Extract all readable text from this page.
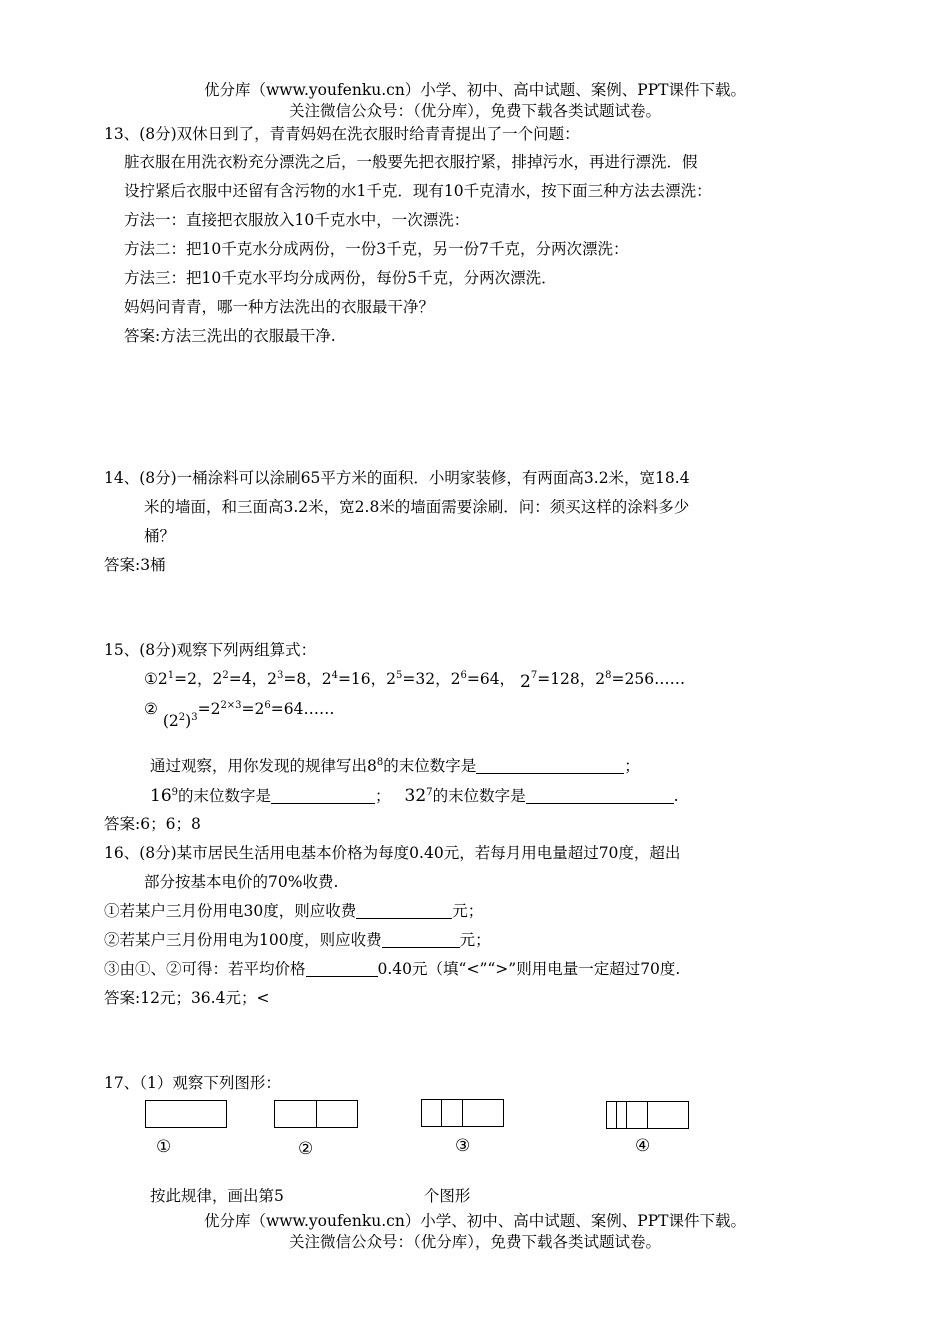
优分库（www.youfenku.cn）小学、初中、高中试题、案例、PPT课件下载。
关注微信公众号：（优分库），免费下载各类试题试卷。
13、(8分)双休日到了，青青妈妈在洗衣服时给青青提出了一个问题：
脏衣服在用洗衣粉充分漂洗之后，一般要先把衣服拧紧，排掉污水，再进行漂洗．假
设拧紧后衣服中还留有含污物的水1千克．现有10千克清水，按下面三种方法去漂洗：
方法一：直接把衣服放入10千克水中，一次漂洗：
方法二：把10千克水分成两份，一份3千克，另一份7千克，分两次漂洗：
方法三：把10千克水平均分成两份，每份5千克，分两次漂洗．
妈妈问青青，哪一种方法洗出的衣服最干净？
答案:方法三洗出的衣服最干净.
14、(8分)一桶涂料可以涂刷65平方米的面积．小明家装修，有两面高3.2米，宽18.4
米的墙面，和三面高3.2米，宽2.8米的墙面需要涂刷．问：须买这样的涂料多少
桶？
答案:3桶
15、(8分)观察下列两组算式：
$①2^1=2$，$2^2=4$，$2^3=8$，$2^4=16$，$2^5=32$，$2^6=64$， $2^7=128$，$2^8=256\dots\dots$
② $(2^2)^3=2^{2\times 3}=2^6=64\dots\dots$
通过观察，用你发现的规律写出$8^8$的末位数字是	；
$16^9$的末位数字是	； $32^7$的末位数字是	.
答案:6；6；8
16、(8分)某市居民生活用电基本价格为每度0.40元，若每月用电量超过70度，超出
部分按基本电价的70%收费.
①若某户三月份用电30度，则应收费	元；
②若某户三月份用电为100度，则应收费	元；
③由①、②可得：若平均价格	0.40元（填“<”“>”则用电量一定超过70度.
答案:12元；36.4元；<
17、（1）观察下列图形：
①	②	③	④
按此规律，画出第5	个图形
优分库（www.youfenku.cn）小学、初中、高中试题、案例、PPT课件下载。
关注微信公众号：（优分库），免费下载各类试题试卷。
